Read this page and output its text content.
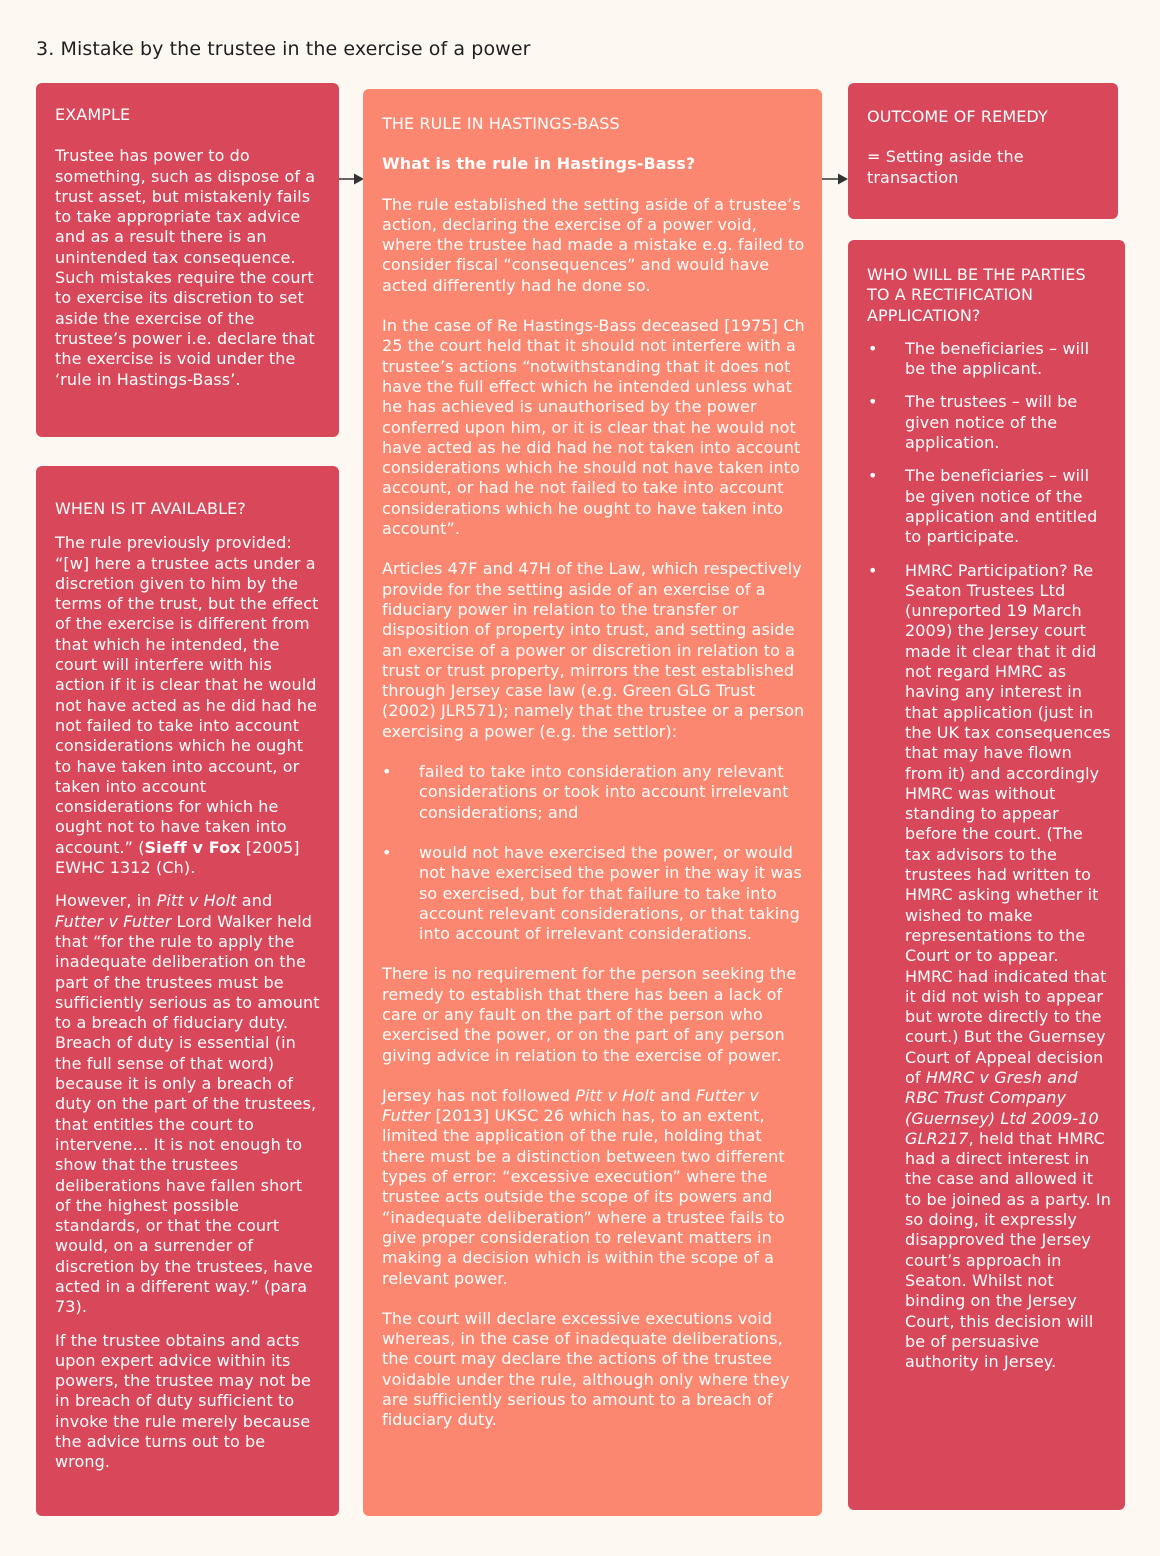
3. Mistake by the trustee in the exercise of a power
EXAMPLE

Trustee has power to do something, such as dispose of a trust asset, but mistakenly fails to take appropriate tax advice and as a result there is an unintended tax consequence. Such mistakes require the court to exercise its discretion to set aside the exercise of the trustee’s power i.e. declare that the exercise is void under the ‘rule in Hastings-Bass’.

WHEN IS IT AVAILABLE?

The rule previously provided: “[w] here a trustee acts under a discretion given to him by the terms of the trust, but the effect of the exercise is different from that which he intended, the court will interfere with his action if it is clear that he would not have acted as he did had he not failed to take into account considerations which he ought to have taken into account, or taken into account considerations for which he ought not to have taken into account.” (Sieff v Fox [2005] EWHC 1312 (Ch).

However, in Pitt v Holt and Futter v Futter Lord Walker held that “for the rule to apply the inadequate deliberation on the part of the trustees must be sufficiently serious as to amount to a breach of fiduciary duty. Breach of duty is essential (in the full sense of that word) because it is only a breach of duty on the part of the trustees, that entitles the court to intervene… It is not enough to show that the trustees deliberations have fallen short of the highest possible standards, or that the court would, on a surrender of discretion by the trustees, have acted in a different way.” (para 73).

If the trustee obtains and acts upon expert advice within its powers, the trustee may not be in breach of duty sufficient to invoke the rule merely because the advice turns out to be wrong.

THE RULE IN HASTINGS-BASS
What is the rule in Hastings-Bass?

The rule established the setting aside of a trustee’s action, declaring the exercise of a power void, where the trustee had made a mistake e.g. failed to consider fiscal “consequences” and would have acted differently had he done so.

In the case of Re Hastings-Bass deceased [1975] Ch 25 the court held that it should not interfere with a trustee’s actions “notwithstanding that it does not have the full effect which he intended unless what he has achieved is unauthorised by the power conferred upon him, or it is clear that he would not have acted as he did had he not taken into account considerations which he should not have taken into account, or had he not failed to take into account considerations which he ought to have taken into account”.

Articles 47F and 47H of the Law, which respectively provide for the setting aside of an exercise of a fiduciary power in relation to the transfer or disposition of property into trust, and setting aside an exercise of a power or discretion in relation to a trust or trust property, mirrors the test established through Jersey case law (e.g. Green GLG Trust (2002) JLR571); namely that the trustee or a person exercising a power (e.g. the settlor):

• failed to take into consideration any relevant considerations or took into account irrelevant considerations; and
• would not have exercised the power, or would not have exercised the power in the way it was so exercised, but for that failure to take into account relevant considerations, or that taking into account of irrelevant considerations.

There is no requirement for the person seeking the remedy to establish that there has been a lack of care or any fault on the part of the person who exercised the power, or on the part of any person giving advice in relation to the exercise of power.

Jersey has not followed Pitt v Holt and Futter v Futter [2013] UKSC 26 which has, to an extent, limited the application of the rule, holding that there must be a distinction between two different types of error: “excessive execution” where the trustee acts outside the scope of its powers and “inadequate deliberation” where a trustee fails to give proper consideration to relevant matters in making a decision which is within the scope of a relevant power.

The court will declare excessive executions void whereas, in the case of inadequate deliberations, the court may declare the actions of the trustee voidable under the rule, although only where they are sufficiently serious to amount to a breach of fiduciary duty.

OUTCOME OF REMEDY

= Setting aside the transaction

WHO WILL BE THE PARTIES TO A RECTIFICATION APPLICATION?
• The beneficiaries – will be the applicant.
• The trustees – will be given notice of the application.
• The beneficiaries – will be given notice of the application and entitled to participate.
• HMRC Participation? Re Seaton Trustees Ltd (unreported 19 March 2009) the Jersey court made it clear that it did not regard HMRC as having any interest in that application (just in the UK tax consequences that may have flown from it) and accordingly HMRC was without standing to appear before the court. (The tax advisors to the trustees had written to HMRC asking whether it wished to make representations to the Court or to appear. HMRC had indicated that it did not wish to appear but wrote directly to the court.) But the Guernsey Court of Appeal decision of HMRC v Gresh and RBC Trust Company (Guernsey) Ltd 2009-10 GLR217, held that HMRC had a direct interest in the case and allowed it to be joined as a party. In so doing, it expressly disapproved the Jersey court’s approach in Seaton. Whilst not binding on the Jersey Court, this decision will be of persuasive authority in Jersey.
